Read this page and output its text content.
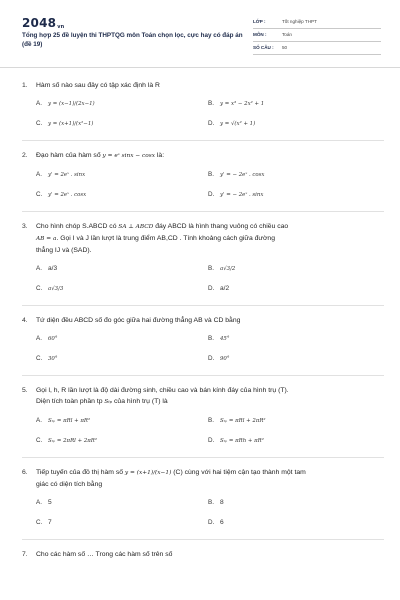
2048vn
Tổng hợp 25 đề luyện thi THPTQG môn Toán chọn lọc, cực hay có đáp án (đề 19)
LỚP :	Tốt nghiệp THPT
MÔN :	Toán
SỐ CÂU : 50
1. Hàm số nào sau đây có tập xác định là R
A. y = (x−1)/(2x−1)	B. y = x³ − 2x² + 1

C. y = (x+1)/(x²−1)	D. y = √(x² + 1)
2. Đạo hàm của hàm số y = eˣ sinx − cosx là:
A. y' = 2eˣ . sinx	B. y' = − 2eˣ . cosx

C. y' = 2eˣ . cosx	D. y' = − 2eˣ . sinx
3. Cho hình chóp S.ABCD có SA ⊥ ABCD đáy ABCD là hình thang vuông có chiều cao
AB = a. Gọi I và J lần lượt là trung điểm AB,CD . Tính khoảng cách giữa đường
thẳng IJ và (SAD).
A. a/3	B. a√3/2

C. a√3/3	D. a/2
4. Tứ diện đều ABCD số đo góc giữa hai đường thẳng AB và CD bằng
A. 60°	B. 45°

C. 30°	D. 90°
5. Gọi l, h, R lần lượt là độ dài đường sinh, chiều cao và bán kính đáy của hình trụ (T).
Diện tích toàn phần tp Sₜₚ của hình trụ (T) là
A. Sₜₚ = πRl + πR²	B. Sₜₚ = πRl + 2πR²

C. Sₜₚ = 2πRl + 2πR²	D. Sₜₚ = πRh + πR²
6. Tiếp tuyến của đồ thị hàm số y = (x+1)/(x−1) (C) cùng với hai tiệm cận tạo thành một tam
giác có diện tích bằng
A. 5	B. 8

C. 7	D. 6
7. Cho các hàm số … Trong các hàm số trên số
